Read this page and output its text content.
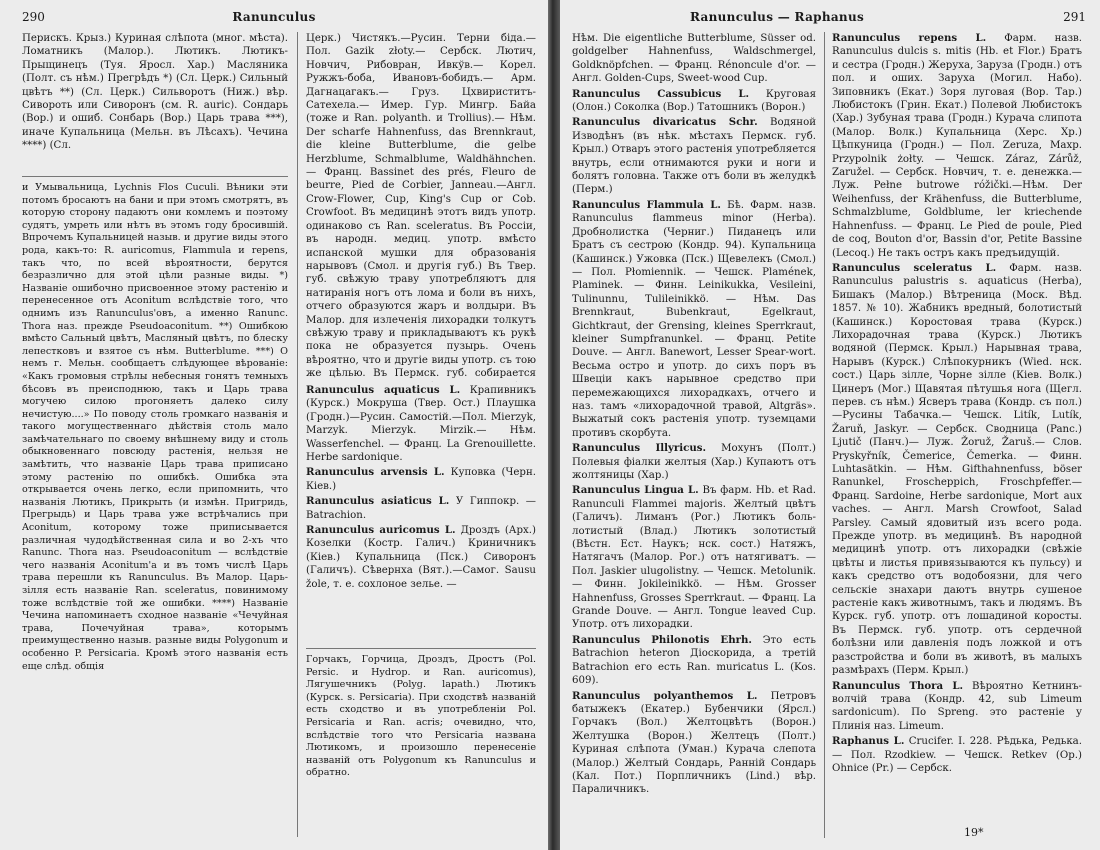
290	Ranunculus

Перискъ. Крыз.) Куриная слѣпота (мног. мѣста). Ломатникъ (Малор.). Лютикъ. Лютикъ-Прыщинецъ (Туя. Яросл. Хар.) Масляника (Полт. съ нѣм.) Прегрѣдъ *) (Сл. Церк.) Сильный цвѣтъ **) (Сл. Церк.) Сильворотъ (Ниж.) вѣр. Сивороть или Сиворонъ (см. R. auric). Сондарь (Вор.) и ошиб. Сонбарь (Вор.) Царь трава ***), иначе Купальница (Мельн. въ Лѣсахъ). Чечина ****) (Сл.

и Умывальница, Lychnis Flos Cuculi. Вѣники эти потомъ бросаютъ на бани и при этомъ смотрятъ, въ которую сторону падаютъ они комлемъ и поэтому судятъ, умреть или нѣтъ въ этомъ году бросившій. Впрочемъ Купальницей назыв. и другие виды этого рода, какъ-то: R. auricomus, Flammula и repens, такъ что, по всей вѣроятности, берутся безразлично для этой цѣли разные виды. *) Названіе ошибочно присвоенное этому растенію и перенесенное отъ Aconitum вслѣдствіе того, что однимъ изъ Ranunculus'овъ, а именно Ranunc. Thora наз. прежде Pseudoaconitum. **) Ошибкою вмѣсто Сальный цвѣтъ, Масляный цвѣтъ, по блеску лепестковъ и взятое съ нѣм. Butterblume. ***) О немъ г. Мельн. сообщаетъ слѣдующее вѣрованіе: «Какъ громовыя стрѣлы небесныя гонятъ темныхъ бѣсовъ въ преисподнюю, такъ и Царь трава могучею силою прогоняетъ далеко силу нечистую....» По поводу столь громкаго названія и такого могущественнаго дѣйствія столь мало замѣчательнаго по своему внѣшнему виду и столь обыкновеннаго повсюду растенія, нельзя не замѣтить, что названіе Царь трава приписано этому растенію по ошибкѣ. Ошибка эта открывается очень легко, если припомнить, что названія Лютикъ, Прикрыть (и измѣн. Пригридь, Прегрыдь) и Царь трава уже встрѣчались при Aconitum, которому тоже приписывается различная чудодѣйственная сила и во 2-хъ что Ranunc. Thora наз. Pseudoaconitum — вслѣдствіе чего названія Aconitum'а и въ томъ числѣ Царь трава перешли къ Ranunculus. Въ Малор. Царь-зілля есть названіе Ran. sceleratus, повинимому тоже вслѣдствіе той же ошибки. ****) Названіе Чечина напоминаетъ сходное названіе «Чечуйная трава, Почечуйная трава», которымъ преимущественно назыв. разные виды Polygonum и особенно P. Persicaria. Кромѣ этого названія есть еще слѣд. общія

Церк.) Чистякъ.—Русин. Терни біда.—Пол. Gazik złoty.— Сербск. Лютич, Новчич, Рибовран, Ивкўв.— Корел. Ружжъ-боба, Ивановъ-бобидъ.— Арм. Дагнацагакъ.— Груз. Цхвириститъ-Сатехела.— Имер. Гур. Мингр. Байа (тоже и Ran. polyanth. и Trollius).— Нѣм. Der scharfe Hahnenfuss, das Brennkraut, die kleine Butterblume, die gelbe Herzblume, Schmalblume, Waldhähnchen. — Франц. Bassinet des prés, Fleuro de beurre, Pied de Corbier, Janneau.—Англ. Crow-Flower, Cup, King's Cup or Cob. Crowfoot. Въ медицинѣ этотъ видъ употр. одинаково съ Ran. sceleratus. Въ Россіи, въ народн. медиц. употр. вмѣсто испанской мушки для образованія нарывовъ (Смол. и другія губ.) Въ Твер. губ. свѣжую траву употребляютъ для натиранія ногъ отъ лома и боли въ нихъ, отчего образуются жаръ и волдыри. Въ Малор. для излеченія лихорадки толкутъ свѣжую траву и прикладываютъ къ рукѣ пока не образуется пузырь. Очень вѣроятно, что и другіе виды употр. съ тою же цѣлью. Въ Пермск. губ. собирается

Ranunculus aquaticus L. Крапивникъ (Курск.) Мокруша (Твер. Ост.) Плаушка (Гродн.)—Русин. Самостій.—Пол. Mierzyk, Marzyk. Mierzyk. Mirzik.— Нѣм. Wasserfenchel. — Франц. La Grenouillette. Herbe sardonique.

Ranunculus arvensis L. Куповка (Черн. Кіев.)

Ranunculus asiaticus L. У Гиппокр. — Batrachion.

Ranunculus auricomus L. Дроздъ (Арх.) Козелки (Костр. Галич.) Криничникъ (Кіев.) Купальница (Пск.) Сиворонъ (Галичъ). Сѣвернха (Вят.).—Самог. Sausu žole, т. е. сохлоное зелье. —

Горчакъ, Горчица, Дроздъ, Дростъ (Pol. Persic. и Hydrop. и Ran. auricomus), Лягушечникъ (Polyg. lapath.) Лютикъ (Курск. s. Persicaria). При сходствѣ названій есть сходство и въ употребленіи Pol. Persicaria и Ran. acris; очевидно, что, вслѣдствіе того что Persicaria названа Лютикомъ, и произошло перенесеніе названій отъ Polygonum къ Ranunculus и обратно.

Ranunculus — Raphanus	291

Нѣм. Die eigentliche Butterblume, Süsser od. goldgelber Hahnenfuss, Waldschmergel, Goldknöpfchen. — Франц. Rénoncule d'or. — Англ. Golden-Cups, Sweet-wood Cup.

Ranunculus Cassubicus L. Круговая (Олон.) Соколка (Вор.) Татошникъ (Ворон.)

Ranunculus divaricatus Schr. Водяной Изводѣнъ (въ нѣк. мѣстахъ Пермск. губ. Крыл.) Отваръ этого растенія употребляется внутрь, если отнимаются руки и ноги и болятъ головна. Также отъ боли въ желудкѣ (Перм.)

Ranunculus Flammula L. Бѣ. Фарм. назв. Ranunculus flammeus minor (Herba). Дробнолистка (Черниг.) Пиданецъ или Братъ съ сестрою (Кондр. 94). Купальница (Кашинск.) Ужовка (Пск.) Щевелекъ (Смол.)— Пол. Płomiennik. — Чешск. Plamének, Plaminek. — Финн. Leinikukka, Vesileini, Tulinunnu, Tulileinikkö. — Нѣм. Das Brennkraut, Bubenkraut, Egelkraut, Gichtkraut, der Grensing, kleines Sperrkraut, kleiner Sumpfranunkel. — Франц. Petite Douve. — Англ. Banewort, Lesser Spear-wort. Весьма остро и употр. до сихъ поръ въ Швеціи какъ нарывное средство при перемежающихся лихорадкахъ, отчего и наз. тамъ «лихорадочной травой, Altgräs». Выжатый сокъ растенія употр. туземцами противъ скорбута.

Ranunculus Illyricus. Мохунъ (Полт.) Полевыя фіалки желтыя (Хар.) Купаютъ отъ жолтяницы (Хар.)

Ranunculus Lingua L. Въ фарм. Hb. et Rad. Ranunculi Flammei majoris. Желтый цвѣтъ (Галичъ). Лиманъ (Рог.) Лютикъ боль-лотистый (Влад.) Лютикъ золотистый (Вѣстн. Ест. Наукъ; нск. сост.) Натяжъ, Натягачъ (Малор. Рог.) отъ натягиватъ. — Пол. Jaskier ulugolistny. — Чешск. Metolunik. — Финн. Jokileinikkö. — Нѣм. Grosser Hahnenfuss, Grosses Sperrkraut. — Франц. La Grande Douve. — Англ. Tongue leaved Cup. Употр. отъ лихорадки.

Ranunculus Philonotis Ehrh. Это есть Batrachion heteron Діоскорида, а третій Batrachion его есть Ran. muricatus L. (Kos. 609).

Ranunculus polyanthemos L. Петровъ батыжекъ (Екатер.) Бубенчики (Ярсл.) Горчакъ (Вол.) Желтоцвѣтъ (Ворон.) Желтушка (Ворон.) Желтецъ (Полт.) Куриная слѣпота (Уман.) Курача слепота (Малор.) Желтый Сондарь, Ранній Сондарь (Кал. Пот.) Порпличникъ (Lind.) вѣр. Параличникъ.

Ranunculus repens L. Фарм. назв. Ranunculus dulcis s. mitis (Hb. et Flor.) Братъ и сестра (Гродн.) Жеруха, Заруза (Гродн.) отъ пол. и оших. Заруха (Могил. Набо). Зиповникъ (Екат.) Зоря луговая (Вор. Тар.) Любистокъ (Грин. Екат.) Полевой Любистокъ (Хар.) Зубуная трава (Гродн.) Курача слипота (Малор. Волк.) Купальница (Херс. Хр.) Цѣпкуница (Гродн.) — Пол. Zeruza, Maxp. Przypolnik żołty. — Чешск. Záraz, Zárůž, Zaružel. — Сербск. Новчич, т. е. денежка.— Луж. Pełne butrowe róžički.—Нѣм. Der Weihenfuss, der Krähenfuss, die Butterblume, Schmalzblume, Goldblume, ler kriechende Hahnenfuss. — Франц. Le Pied de poule, Pied de coq, Bouton d'or, Bassin d'or, Petite Bassine (Lecoq.) Не такъ остръ какъ предъидущій.

Ranunculus sceleratus L. Фарм. назв. Ranunculus palustris s. aquaticus (Herba), Бишакъ (Малор.) Вѣтреница (Моск. Вѣд. 1857. № 10). Жабникъ вредный, болотистый (Кашинск.) Коростовая трава (Курск.) Лихорадочная трава (Курск.) Лютикъ водяной (Пермск. Крыл.) Нарывная трава, Нарывъ (Курск.) Слѣпокурникъ (Wied. нск. сост.) Царь зілле, Чорне зілле (Кіев. Волк.) Цинеръ (Мог.) Щавятая пѣтушья нога (Щегл. перев. съ нѣм.) Ясверъ трава (Кондр. съ пол.)—Русины Табачка.— Чешск. Litík, Lutík, Žaruň, Jaskyr. — Сербск. Сводница (Panc.) Ljutič (Панч.)— Луж. Žoruž, Žaruš.— Слов. Pryskyřník, Čemerice, Čemerka. — Финн. Luhtasätkin. — Нѣм. Gifthahnenfuss, böser Ranunkel, Froscheppich, Froschpfeffer.— Франц. Sardoine, Herbe sardonique, Mort aux vaches. — Англ. Marsh Crowfoot, Salad Parsley. Самый ядовитый изъ всего рода. Прежде употр. въ медицинѣ. Въ народной медицинѣ употр. отъ лихорадки (свѣжіе цвѣты и листья привязываются къ пульсу) и какъ средство отъ водобоязни, для чего сельскіе знахари даютъ внутрь сушеное растеніе какъ животнымъ, такъ и людямъ. Въ Курск. губ. употр. отъ лошадиной коросты. Въ Пермск. губ. употр. отъ сердечной болѣзни или давленія подъ ложкой и отъ разстройства и боли въ животѣ, въ малыхъ размѣрахъ (Перм. Крыл.)

Ranunculus Thora L. Вѣроятно Кетнинъ-волчій трава (Кондр. 42, sub Limeum sardonicum). По Spreng. это растеніе у Плинія наз. Limeum.

Raphanus L. Crucifer. I. 228. Рѣдька, Редька. — Пол. Rzodkiew. — Чешск. Retkev (Op.) Ohnice (Pr.) — Сербск.

19*
